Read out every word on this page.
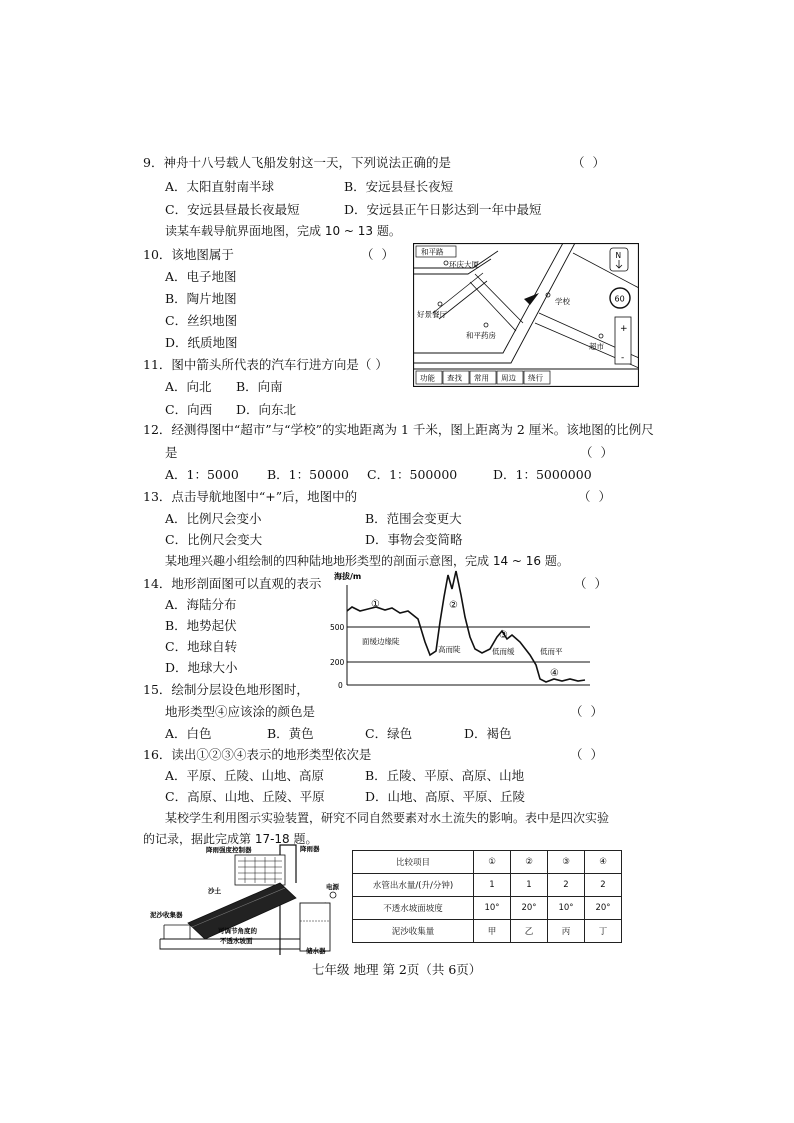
9．神舟十八号载人飞船发射这一天，下列说法正确的是	（ ）
A．太阳直射南半球	B．安远县昼长夜短
C．安远县昼最长夜最短	D．安远县正午日影达到一年中最短
读某车载导航界面地图，完成 10 ~ 13 题。
10．该地图属于	（ ）
A．电子地图
B．陶片地图
C．丝织地图
D．纸质地图
11．图中箭头所代表的汽车行进方向是（ ）
A．向北 B．向南
C．向西 D．向东北
和平路
环庆大厦
好景餐厅
和平药房
学校
超市
N
60
+
-
功能 查找 常用 周边 绕行
12．经测得图中“超市”与“学校”的实地距离为 1 千米，图上距离为 2 厘米。该地图的比例尺
是	（ ）
A．1：5000 B．1：50000 C．1：500000	D．1：5000000
13．点击导航地图中“+”后，地图中的	（ ）
A．比例尺会变小	B．范围会变更大
C．比例尺会变大	D．事物会变简略
某地理兴趣小组绘制的四种陆地地形类型的剖面示意图，完成 14 ~ 16 题。
14．地形剖面图可以直观的表示	（ ）
A．海陆分布
B．地势起伏
C．地球自转
D．地球大小
海拔/m
500
200
0
面缓边缘陡
高而陡	低而缓	低而平
①	②
③
④
15．绘制分层设色地形图时，
地形类型④应该涂的颜色是	（ ）
A．白色	B．黄色	C．绿色	D．褐色
16．读出①②③④表示的地形类型依次是	（ ）
A．平原、丘陵、山地、高原	B．丘陵、平原、高原、山地
C．高原、山地、丘陵、平原	D．山地、高原、平原、丘陵
某校学生利用图示实验装置，研究不同自然要素对水土流失的影响。表中是四次实验
的记录，据此完成第 17-18 题。
降雨强度控制器	降雨器
沙土	电源
泥沙收集器
可调节角度的
不透水坡面
储水器
比较项目	①	②	③	④
水管出水量/(升/分钟)	1	1	2	2
不透水坡面坡度	10°	20°	10°	20°
泥沙收集量	甲	乙	丙	丁
七年级 地理 第 2页（共 6页）
